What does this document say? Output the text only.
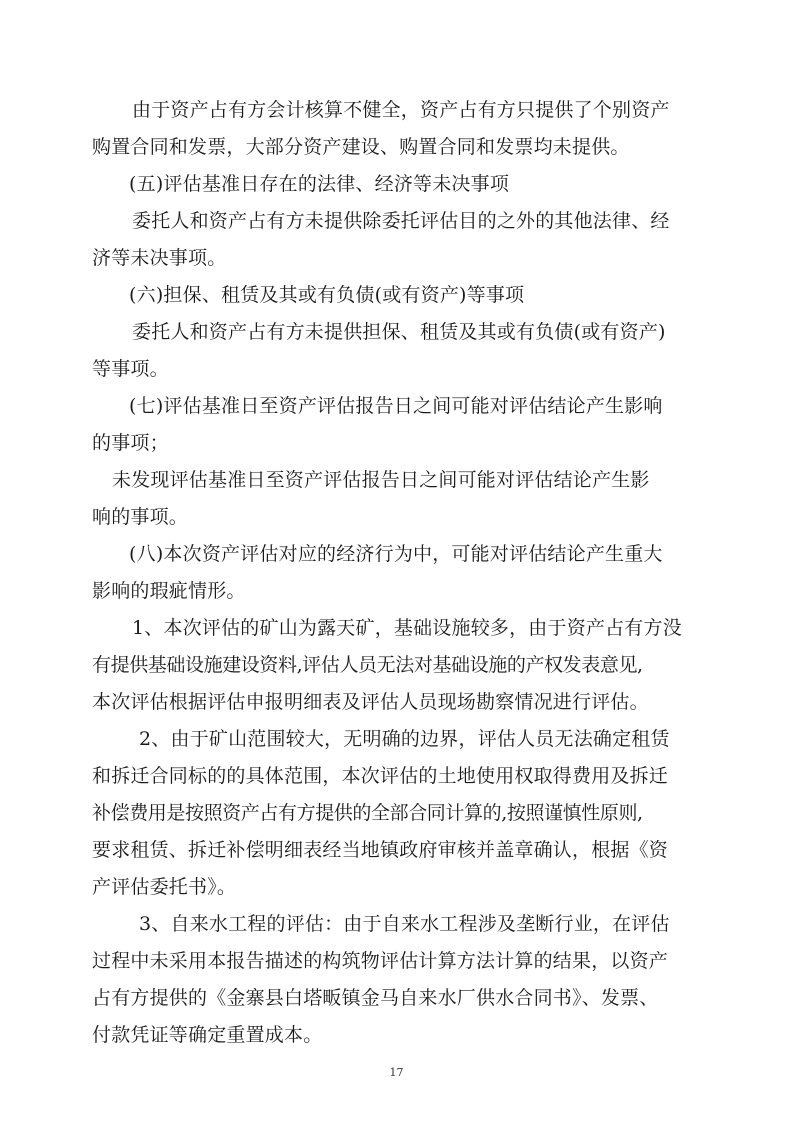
由于资产占有方会计核算不健全，资产占有方只提供了个别资产
购置合同和发票，大部分资产建设、购置合同和发票均未提供。
(五)评估基准日存在的法律、经济等未决事项
委托人和资产占有方未提供除委托评估目的之外的其他法律、经
济等未决事项。
(六)担保、租赁及其或有负债(或有资产)等事项
委托人和资产占有方未提供担保、租赁及其或有负债(或有资产)
等事项。
(七)评估基准日至资产评估报告日之间可能对评估结论产生影响
的事项；
未发现评估基准日至资产评估报告日之间可能对评估结论产生影
响的事项。
(八)本次资产评估对应的经济行为中，可能对评估结论产生重大
影响的瑕疵情形。
1、本次评估的矿山为露天矿，基础设施较多，由于资产占有方没
有提供基础设施建设资料,评估人员无法对基础设施的产权发表意见,
本次评估根据评估申报明细表及评估人员现场勘察情况进行评估。
2、由于矿山范围较大，无明确的边界，评估人员无法确定租赁
和拆迁合同标的的具体范围，本次评估的土地使用权取得费用及拆迁
补偿费用是按照资产占有方提供的全部合同计算的,按照谨慎性原则,
要求租赁、拆迁补偿明细表经当地镇政府审核并盖章确认，根据《资
产评估委托书》。
3、自来水工程的评估：由于自来水工程涉及垄断行业，在评估
过程中未采用本报告描述的构筑物评估计算方法计算的结果，以资产
占有方提供的《金寨县白塔畈镇金马自来水厂供水合同书》、发票、
付款凭证等确定重置成本。
17
